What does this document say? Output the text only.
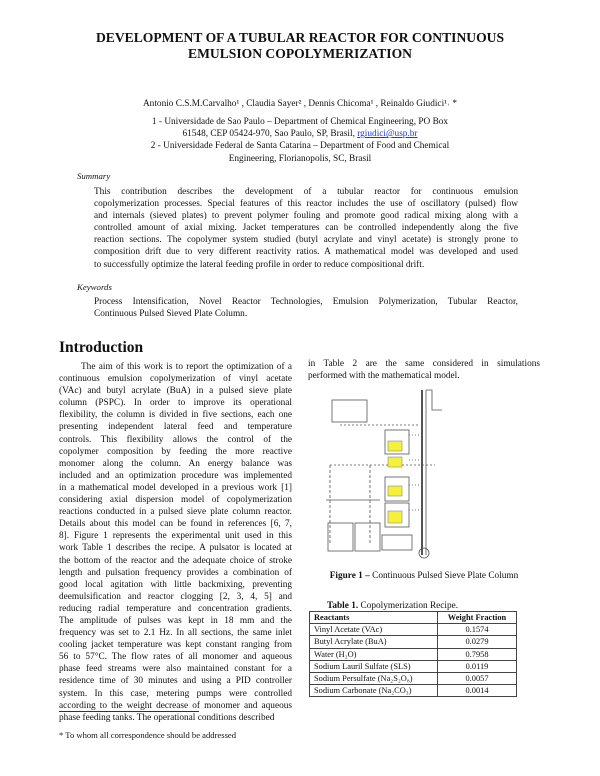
DEVELOPMENT OF A TUBULAR REACTOR FOR CONTINUOUS
EMULSION COPOLYMERIZATION
Antonio C.S.M.Carvalho¹ , Claudia Sayer² , Dennis Chicoma¹ , Reinaldo Giudici¹˒ *
1 - Universidade de Sao Paulo – Department of Chemical Engineering, PO Box
61548, CEP 05424-970, Sao Paulo, SP, Brasil, rgiudici@usp.br
2 - Universidade Federal de Santa Catarina – Department of Food and Chemical
Engineering, Florianopolis, SC, Brasil
Summary
This contribution describes the development of a tubular reactor for continuous emulsion
copolymerization processes. Special features of this reactor includes the use of oscillatory (pulsed) flow
and internals (sieved plates) to prevent polymer fouling and promote good radical mixing along with a
controlled amount of axial mixing. Jacket temperatures can be controlled independently along the five
reaction sections. The copolymer system studied (butyl acrylate and vinyl acetate) is strongly prone to
composition drift due to very different reactivity ratios. A mathematical model was developed and used
to successfully optimize the lateral feeding profile in order to reduce compositional drift.
Keywords
Process Intensification, Novel Reactor Technologies, Emulsion Polymerization, Tubular Reactor,
Continuous Pulsed Sieved Plate Column.
Introduction
The aim of this work is to report the optimization of a
continuous emulsion copolymerization of vinyl acetate
(VAc) and butyl acrylate (BuA) in a pulsed sieve plate
column (PSPC). In order to improve its operational
flexibility, the column is divided in five sections, each one
presenting independent lateral feed and temperature
controls. This flexibility allows the control of the
copolymer composition by feeding the more reactive
monomer along the column. An energy balance was
included and an optimization procedure was implemented
in a mathematical model developed in a previous work [1]
considering axial dispersion model of copolymerization
reactions conducted in a pulsed sieve plate column reactor.
Details about this model can be found in references [6, 7,
8]. Figure 1 represents the experimental unit used in this
work Table 1 describes the recipe. A pulsator is located at
the bottom of the reactor and the adequate choice of stroke
length and pulsation frequency provides a combination of
good local agitation with little backmixing, preventing
deemulsification and reactor clogging [2, 3, 4, 5] and
reducing radial temperature and concentration gradients.
The amplitude of pulses was kept in 18 mm and the
frequency was set to 2.1 Hz. In all sections, the same inlet
cooling jacket temperature was kept constant ranging from
56 to 57°C. The flow rates of all monomer and aqueous
phase feed streams were also maintained constant for a
residence time of 30 minutes and using a PID controller
system. In this case, metering pumps were controlled
according to the weight decrease of monomer and aqueous
phase feeding tanks. The operational conditions described
in Table 2 are the same considered in simulations
performed with the mathematical model.
Figure 1 – Continuous Pulsed Sieve Plate Column
Table 1. Copolymerization Recipe.
Reactants	Weight Fraction
Vinyl Acetate (VAc)	0.1574
Butyl Acrylate (BuA)	0.0279
Water (H₂O)	0.7958
Sodium Lauril Sulfate (SLS)	0.0119
Sodium Persulfate (Na₂S₂O₈)	0.0057
Sodium Carbonate (Na₂CO₃)	0.0014
* To whom all correspondence should be addressed
